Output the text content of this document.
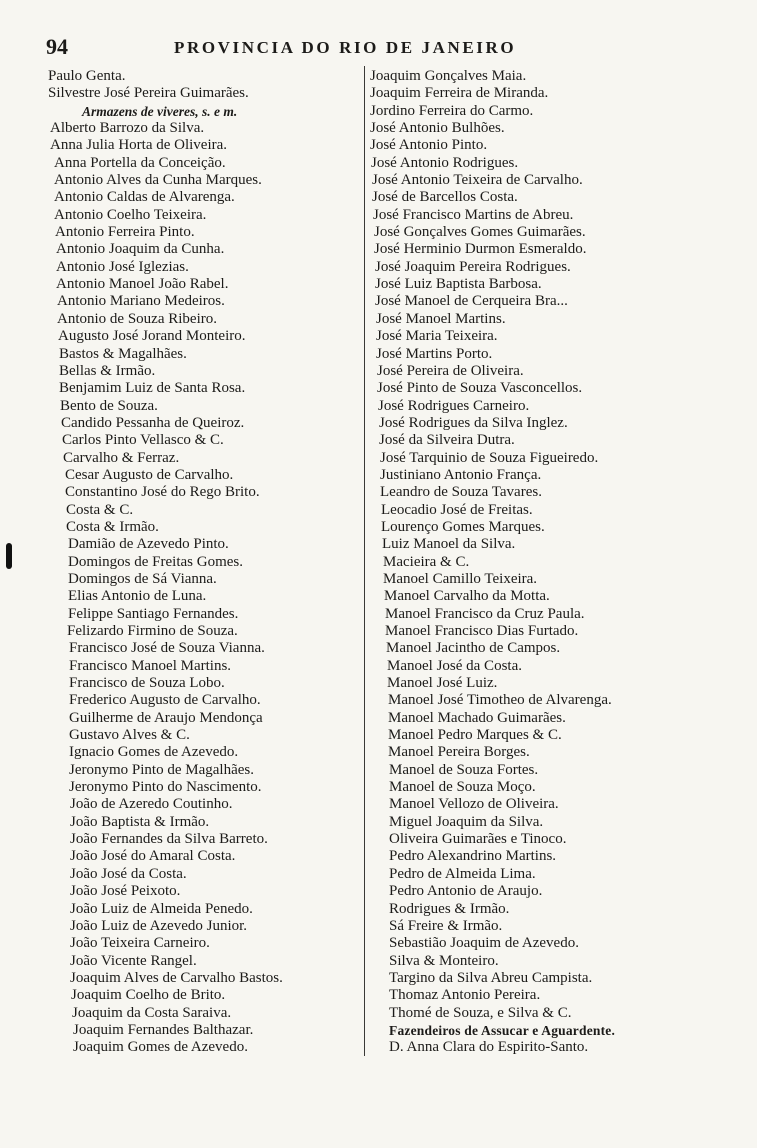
94	PROVINCIA DO RIO DE JANEIRO
Paulo Genta.
Silvestre José Pereira Guimarães.
Armazens de viveres, s. e m.
Alberto Barrozo da Silva.
Anna Julia Horta de Oliveira.
Anna Portella da Conceição.
Antonio Alves da Cunha Marques.
Antonio Caldas de Alvarenga.
Antonio Coelho Teixeira.
Antonio Ferreira Pinto.
Antonio Joaquim da Cunha.
Antonio José Iglezias.
Antonio Manoel João Rabel.
Antonio Mariano Medeiros.
Antonio de Souza Ribeiro.
Augusto José Jorand Monteiro.
Bastos & Magalhães.
Bellas & Irmão.
Benjamim Luiz de Santa Rosa.
Bento de Souza.
Candido Pessanha de Queiroz.
Carlos Pinto Vellasco & C.
Carvalho & Ferraz.
Cesar Augusto de Carvalho.
Constantino José do Rego Brito.
Costa & C.
Costa & Irmão.
Damião de Azevedo Pinto.
Domingos de Freitas Gomes.
Domingos de Sá Vianna.
Elias Antonio de Luna.
Felippe Santiago Fernandes.
Felizardo Firmino de Souza.
Francisco José de Souza Vianna.
Francisco Manoel Martins.
Francisco de Souza Lobo.
Frederico Augusto de Carvalho.
Guilherme de Araujo Mendonça
Gustavo Alves & C.
Ignacio Gomes de Azevedo.
Jeronymo Pinto de Magalhães.
Jeronymo Pinto do Nascimento.
João de Azeredo Coutinho.
João Baptista & Irmão.
João Fernandes da Silva Barreto.
João José do Amaral Costa.
João José da Costa.
João José Peixoto.
João Luiz de Almeida Penedo.
João Luiz de Azevedo Junior.
João Teixeira Carneiro.
João Vicente Rangel.
Joaquim Alves de Carvalho Bastos.
Joaquim Coelho de Brito.
Joaquim da Costa Saraiva.
Joaquim Fernandes Balthazar.
Joaquim Gomes de Azevedo.
Joaquim Gonçalves Maia.
Joaquim Ferreira de Miranda.
Jordino Ferreira do Carmo.
José Antonio Bulhões.
José Antonio Pinto.
José Antonio Rodrigues.
José Antonio Teixeira de Carvalho.
José de Barcellos Costa.
José Francisco Martins de Abreu.
José Gonçalves Gomes Guimarães.
José Herminio Durmon Esmeraldo.
José Joaquim Pereira Rodrigues.
José Luiz Baptista Barbosa.
José Manoel de Cerqueira Bra...
José Manoel Martins.
José Maria Teixeira.
José Martins Porto.
José Pereira de Oliveira.
José Pinto de Souza Vasconcellos.
José Rodrigues Carneiro.
José Rodrigues da Silva Inglez.
José da Silveira Dutra.
José Tarquinio de Souza Figueiredo.
Justiniano Antonio França.
Leandro de Souza Tavares.
Leocadio José de Freitas.
Lourenço Gomes Marques.
Luiz Manoel da Silva.
Macieira & C.
Manoel Camillo Teixeira.
Manoel Carvalho da Motta.
Manoel Francisco da Cruz Paula.
Manoel Francisco Dias Furtado.
Manoel Jacintho de Campos.
Manoel José da Costa.
Manoel José Luiz.
Manoel José Timotheo de Alvarenga.
Manoel Machado Guimarães.
Manoel Pedro Marques & C.
Manoel Pereira Borges.
Manoel de Souza Fortes.
Manoel de Souza Moço.
Manoel Vellozo de Oliveira.
Miguel Joaquim da Silva.
Oliveira Guimarães e Tinoco.
Pedro Alexandrino Martins.
Pedro de Almeida Lima.
Pedro Antonio de Araujo.
Rodrigues & Irmão.
Sá Freire & Irmão.
Sebastião Joaquim de Azevedo.
Silva & Monteiro.
Targino da Silva Abreu Campista.
Thomaz Antonio Pereira.
Thomé de Souza, e Silva & C.
Fazendeiros de Assucar e Aguardente.
D. Anna Clara do Espirito-Santo.
